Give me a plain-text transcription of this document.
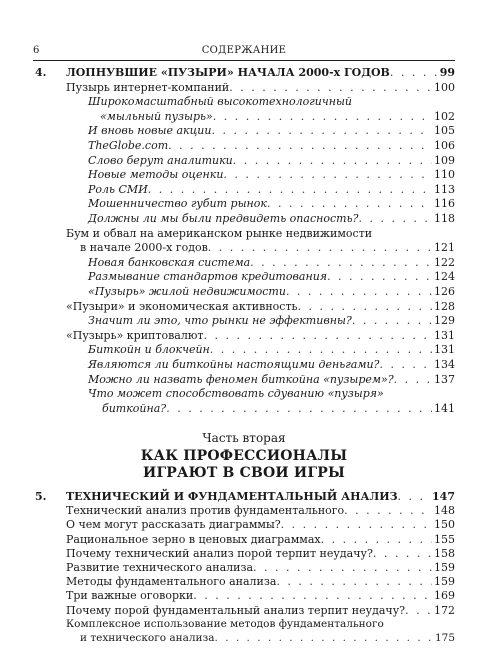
6	СОДЕРЖАНИЕ
4. ЛОПНУВШИЕ «ПУЗЫРИ» НАЧАЛА 2000-х ГОДОВ . . .	99
Пузырь интернет-компаний . . .	100
Широкомасштабный высокотехнологичный
«мыльный пузырь» . . .	102
И вновь новые акции . . .	105
TheGlobe.com . . .	106
Слово берут аналитики . . .	109
Новые методы оценки . . .	110
Роль СМИ . . .	113
Мошенничество губит рынок . . .	116
Должны ли мы были предвидеть опасность? . . .	118
Бум и обвал на американском рынке недвижимости
в начале 2000-х годов . . .	121
Новая банковская система . . .	122
Размывание стандартов кредитования . . .	124
«Пузырь» жилой недвижимости . . .	126
«Пузыри» и экономическая активность . . .	128
Значит ли это, что рынки не эффективны? . . .	129
«Пузырь» криптовалют . . .	131
Биткойн и блокчейн . . .	131
Являются ли биткойны настоящими деньгами? . . .	134
Можно ли назвать феномен биткойна «пузырем»? . . .	137
Что может способствовать сдуванию «пузыря»
биткойна? . . .	141
Часть вторая
КАК ПРОФЕССИОНАЛЫ
ИГРАЮТ В СВОИ ИГРЫ
5. ТЕХНИЧЕСКИЙ И ФУНДАМЕНТАЛЬНЫЙ АНАЛИЗ . . .	147
Технический анализ против фундаментального . . .	148
О чем могут рассказать диаграммы? . . .	150
Рациональное зерно в ценовых диаграммах . . .	155
Почему технический анализ порой терпит неудачу? . . .	158
Развитие технического анализа . . .	159
Методы фундаментального анализа . . .	159
Три важные оговорки . . .	169
Почему порой фундаментальный анализ терпит неудачу? . . .	172
Комплексное использование методов фундаментального
и технического анализа . . .	175
